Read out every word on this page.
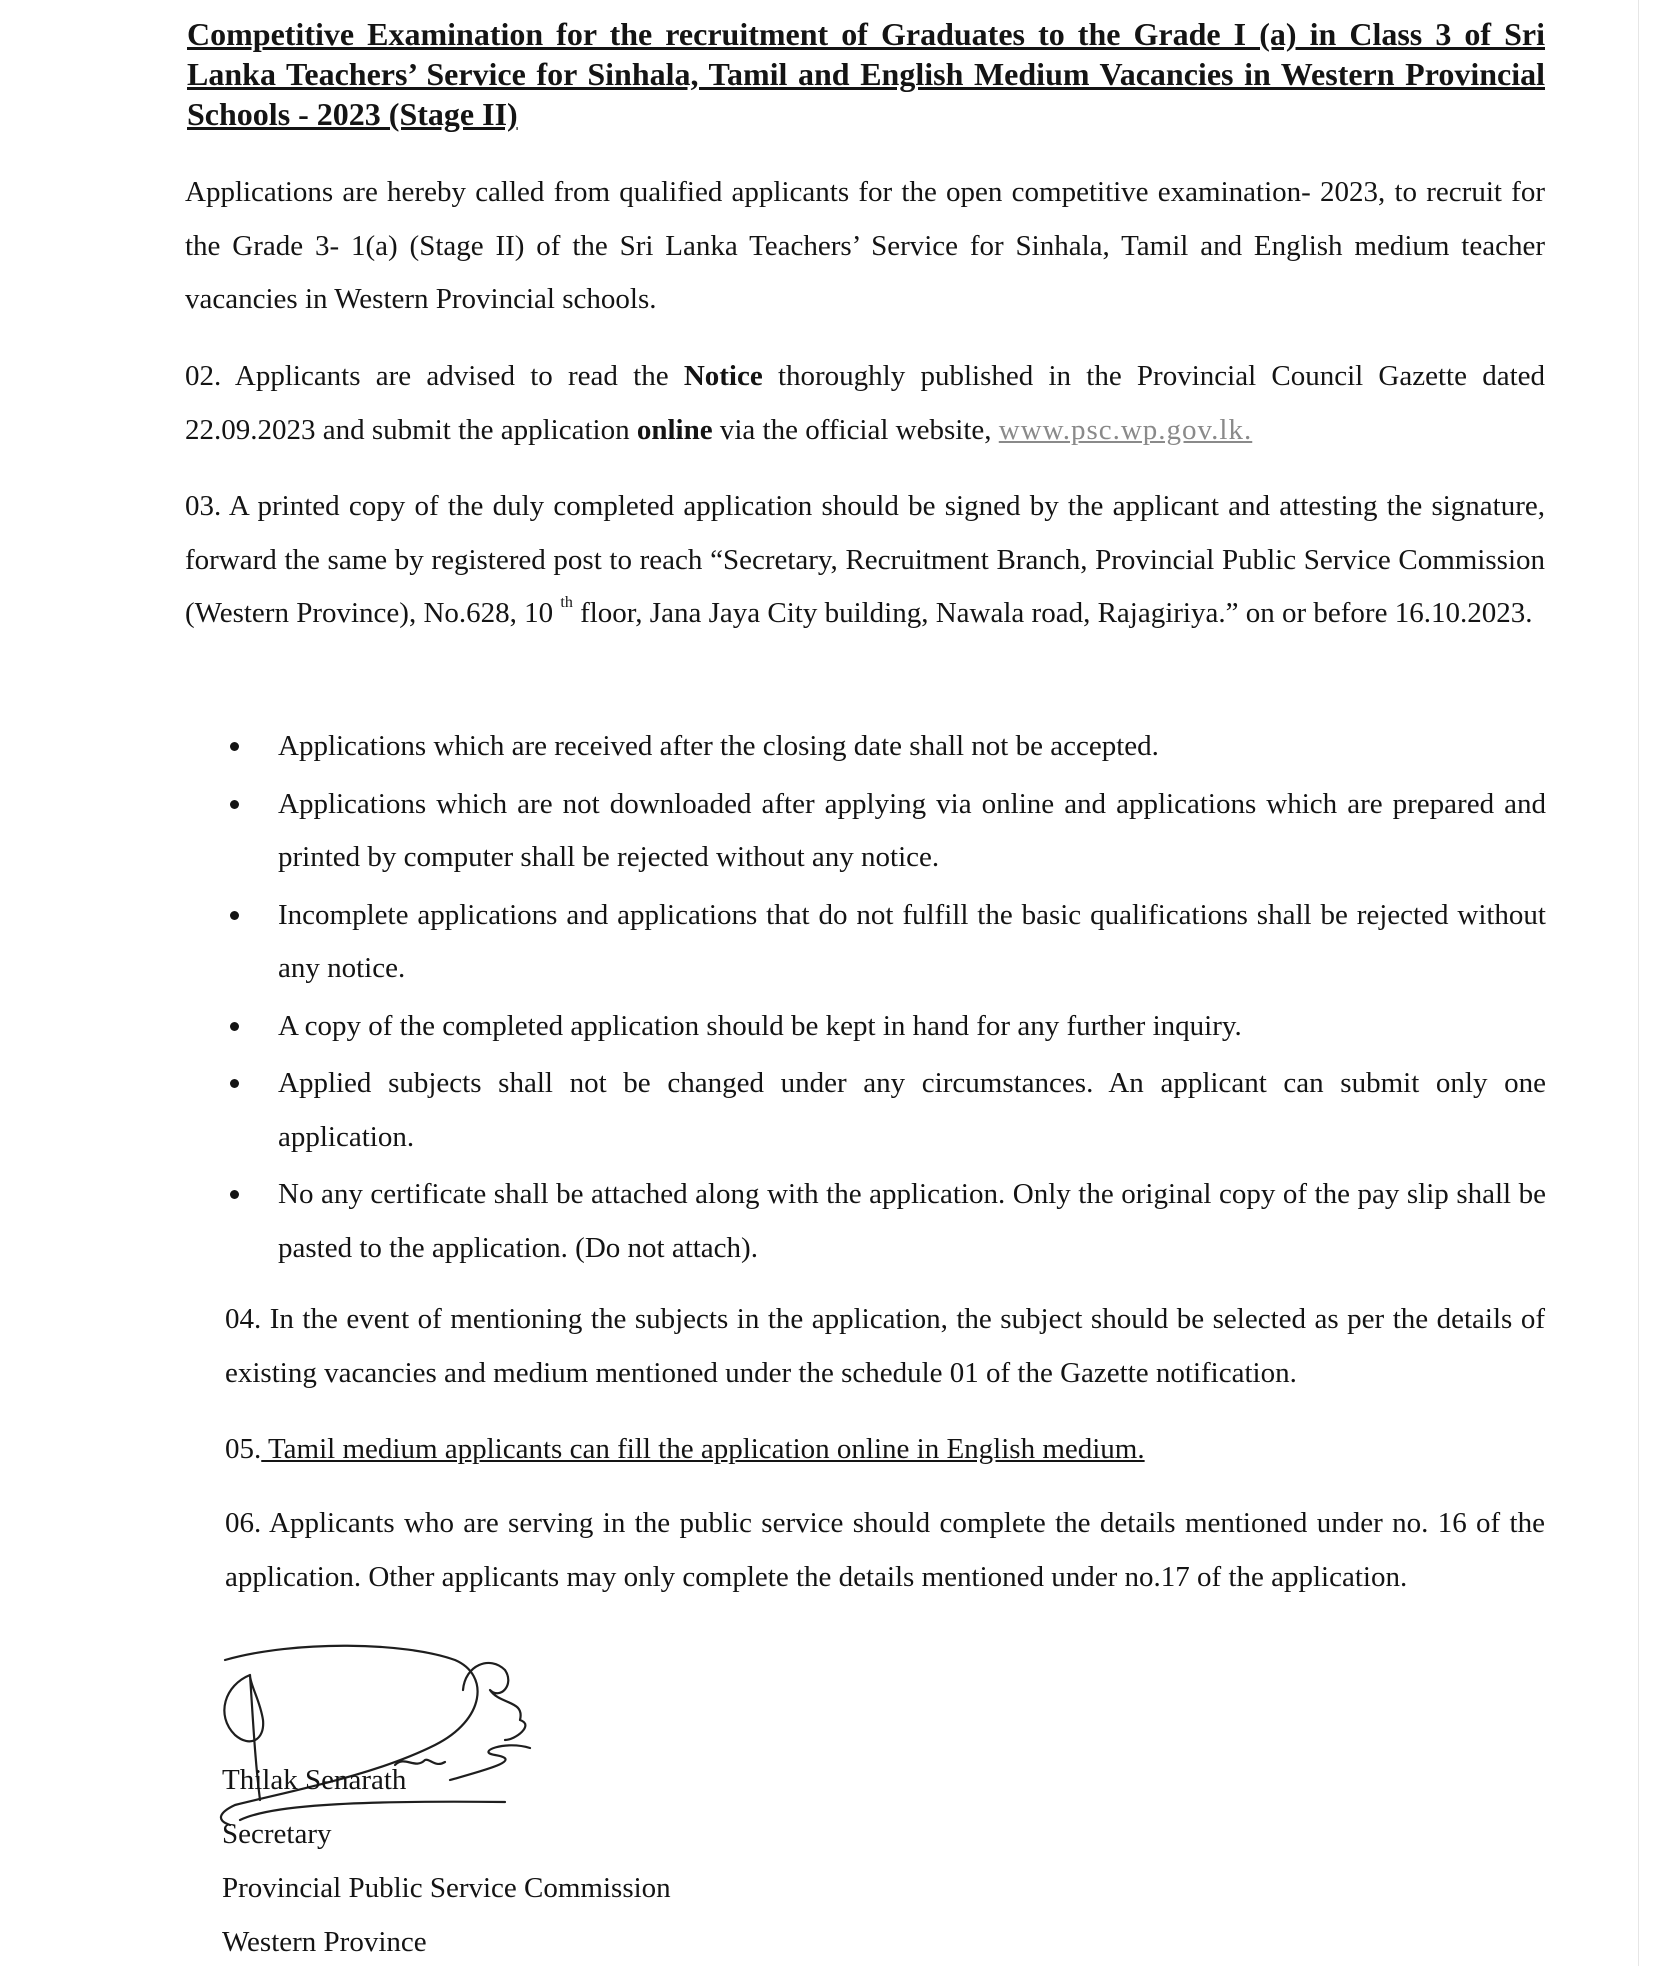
Competitive Examination for the recruitment of Graduates to the Grade I (a) in Class 3 of Sri Lanka Teachers’ Service for Sinhala, Tamil and English Medium Vacancies in Western Provincial Schools - 2023 (Stage II)

Applications are hereby called from qualified applicants for the open competitive examination- 2023, to recruit for the Grade 3- 1(a) (Stage II) of the Sri Lanka Teachers’ Service for Sinhala, Tamil and English medium teacher vacancies in Western Provincial schools.

02. Applicants are advised to read the Notice thoroughly published in the Provincial Council Gazette dated 22.09.2023 and submit the application online via the official website, www.psc.wp.gov.lk.

03. A printed copy of the duly completed application should be signed by the applicant and attesting the signature, forward the same by registered post to reach “Secretary, Recruitment Branch, Provincial Public Service Commission (Western Province), No.628, 10 $^{th}$ floor, Jana Jaya City building, Nawala road, Rajagiriya.” on or before 16.10.2023.

Applications which are received after the closing date shall not be accepted.
Applications which are not downloaded after applying via online and applications which are prepared and printed by computer shall be rejected without any notice.
Incomplete applications and applications that do not fulfill the basic qualifications shall be rejected without any notice.
A copy of the completed application should be kept in hand for any further inquiry.
Applied subjects shall not be changed under any circumstances. An applicant can submit only one application.
No any certificate shall be attached along with the application. Only the original copy of the pay slip shall be pasted to the application. (Do not attach).

04. In the event of mentioning the subjects in the application, the subject should be selected as per the details of existing vacancies and medium mentioned under the schedule 01 of the Gazette notification.

05. Tamil medium applicants can fill the application online in English medium.

06. Applicants who are serving in the public service should complete the details mentioned under no. 16 of the application. Other applicants may only complete the details mentioned under no.17 of the application.

Thilak Senarath
Secretary
Provincial Public Service Commission
Western Province
